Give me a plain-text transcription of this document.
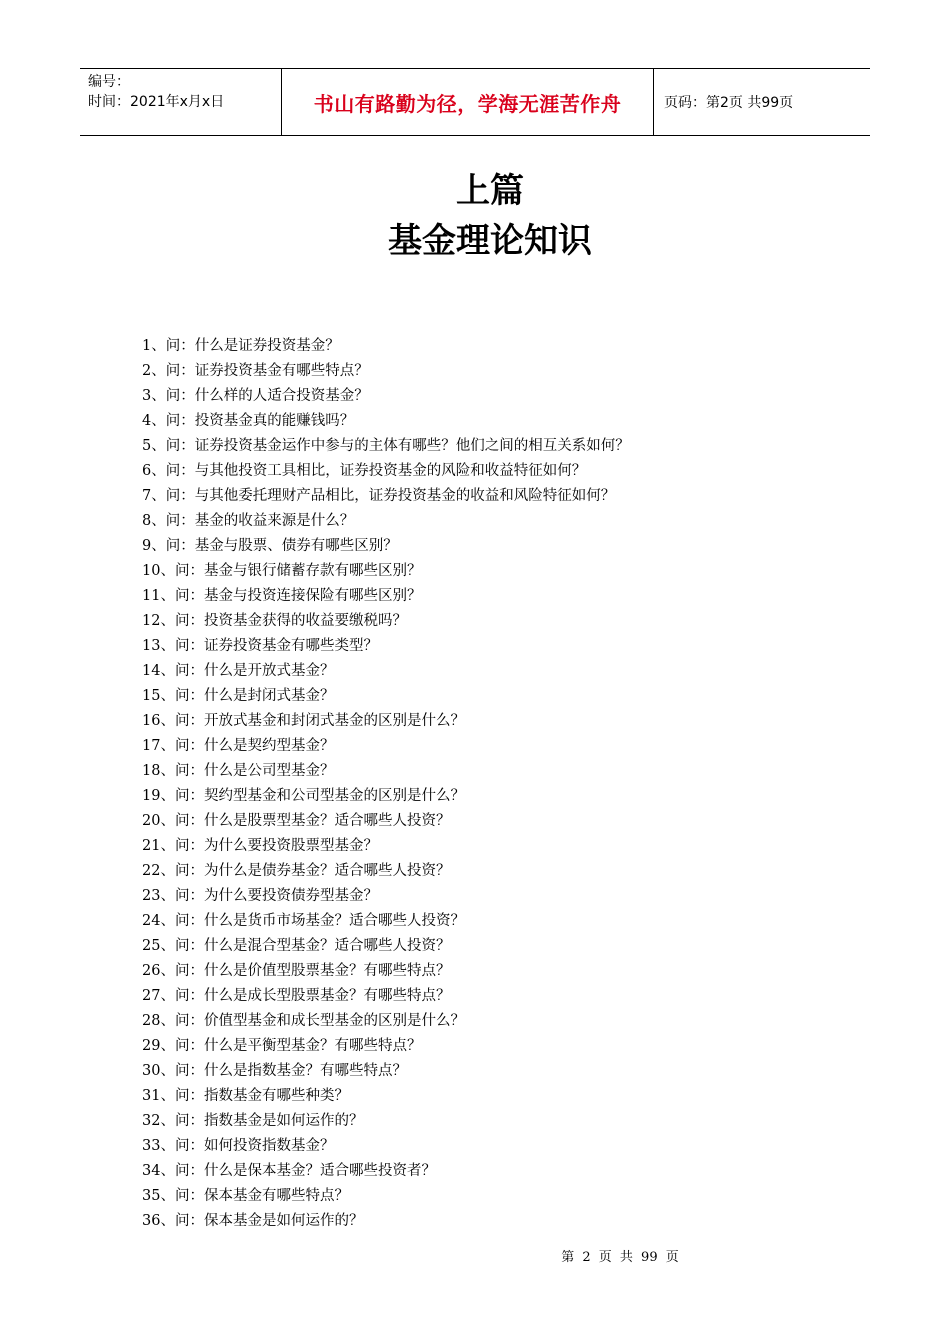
编号：
时间：2021年x月x日	书山有路勤为径，学海无涯苦作舟	页码：第2页 共99页
上篇
基金理论知识
1、问：什么是证券投资基金？
2、问：证券投资基金有哪些特点？
3、问：什么样的人适合投资基金？
4、问：投资基金真的能赚钱吗？
5、问：证券投资基金运作中参与的主体有哪些？他们之间的相互关系如何？
6、问：与其他投资工具相比，证券投资基金的风险和收益特征如何？
7、问：与其他委托理财产品相比，证券投资基金的收益和风险特征如何？
8、问：基金的收益来源是什么？
9、问：基金与股票、债券有哪些区别？
10、问：基金与银行储蓄存款有哪些区别？
11、问：基金与投资连接保险有哪些区别？
12、问：投资基金获得的收益要缴税吗？
13、问：证券投资基金有哪些类型？
14、问：什么是开放式基金？
15、问：什么是封闭式基金？
16、问：开放式基金和封闭式基金的区别是什么？
17、问：什么是契约型基金？
18、问：什么是公司型基金？
19、问：契约型基金和公司型基金的区别是什么？
20、问：什么是股票型基金？适合哪些人投资？
21、问：为什么要投资股票型基金？
22、问：为什么是债券基金？适合哪些人投资？
23、问：为什么要投资债券型基金？
24、问：什么是货币市场基金？适合哪些人投资？
25、问：什么是混合型基金？适合哪些人投资？
26、问：什么是价值型股票基金？有哪些特点？
27、问：什么是成长型股票基金？有哪些特点？
28、问：价值型基金和成长型基金的区别是什么？
29、问：什么是平衡型基金？有哪些特点？
30、问：什么是指数基金？有哪些特点？
31、问：指数基金有哪些种类？
32、问：指数基金是如何运作的？
33、问：如何投资指数基金？
34、问：什么是保本基金？适合哪些投资者？
35、问：保本基金有哪些特点？
36、问：保本基金是如何运作的？
第 2 页 共 99 页
